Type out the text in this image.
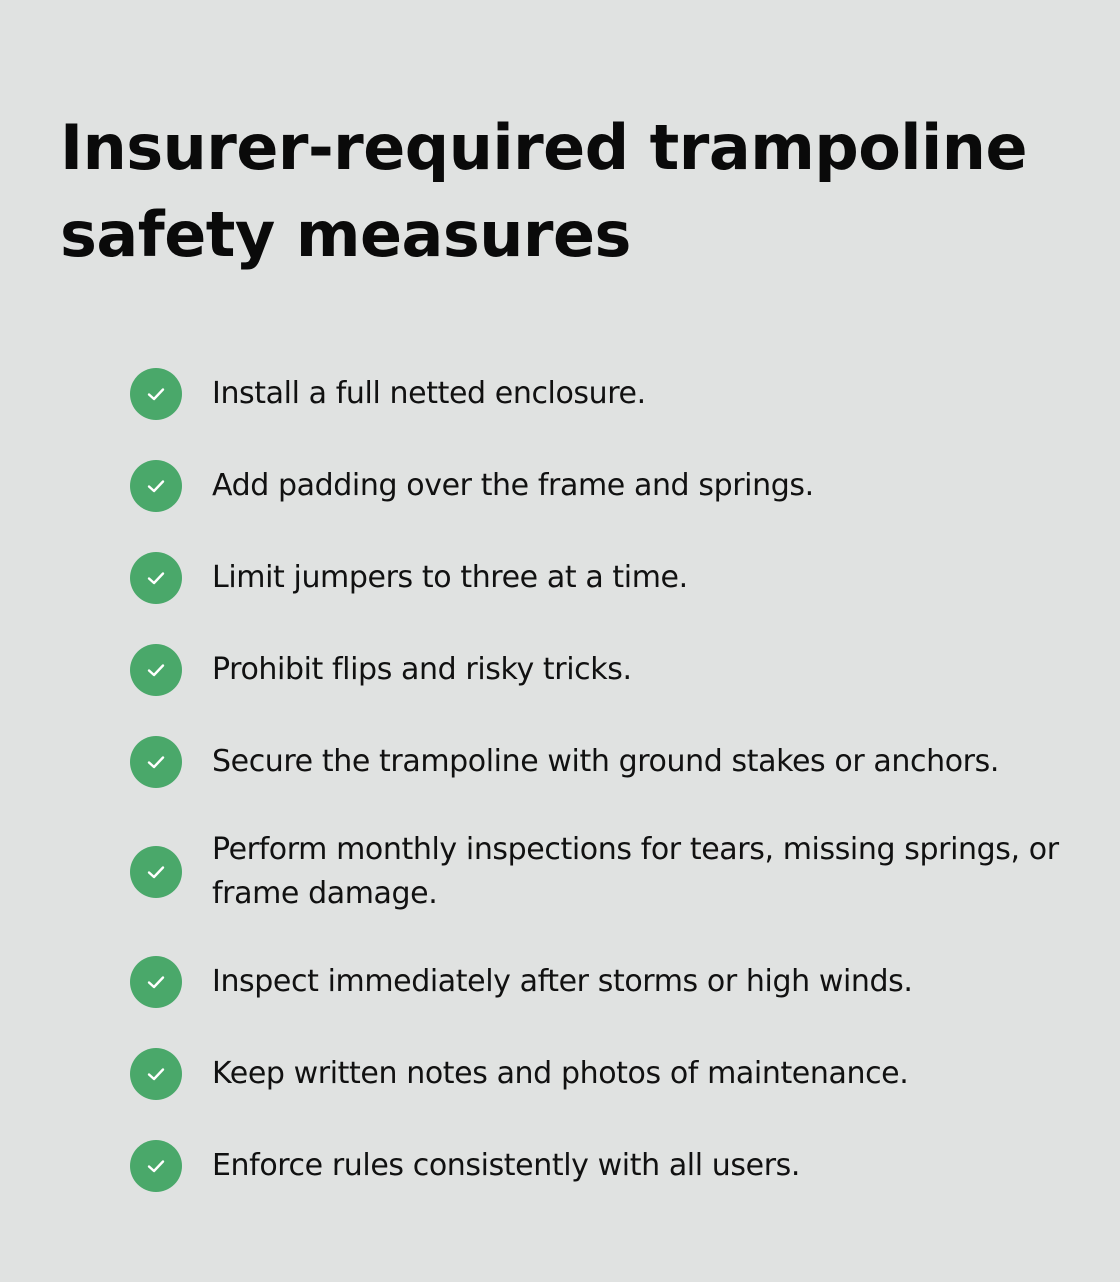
Insurer-required trampoline safety measures
Install a full netted enclosure.
Add padding over the frame and springs.
Limit jumpers to three at a time.
Prohibit flips and risky tricks.
Secure the trampoline with ground stakes or anchors.
Perform monthly inspections for tears, missing springs, or frame damage.
Inspect immediately after storms or high winds.
Keep written notes and photos of maintenance.
Enforce rules consistently with all users.
